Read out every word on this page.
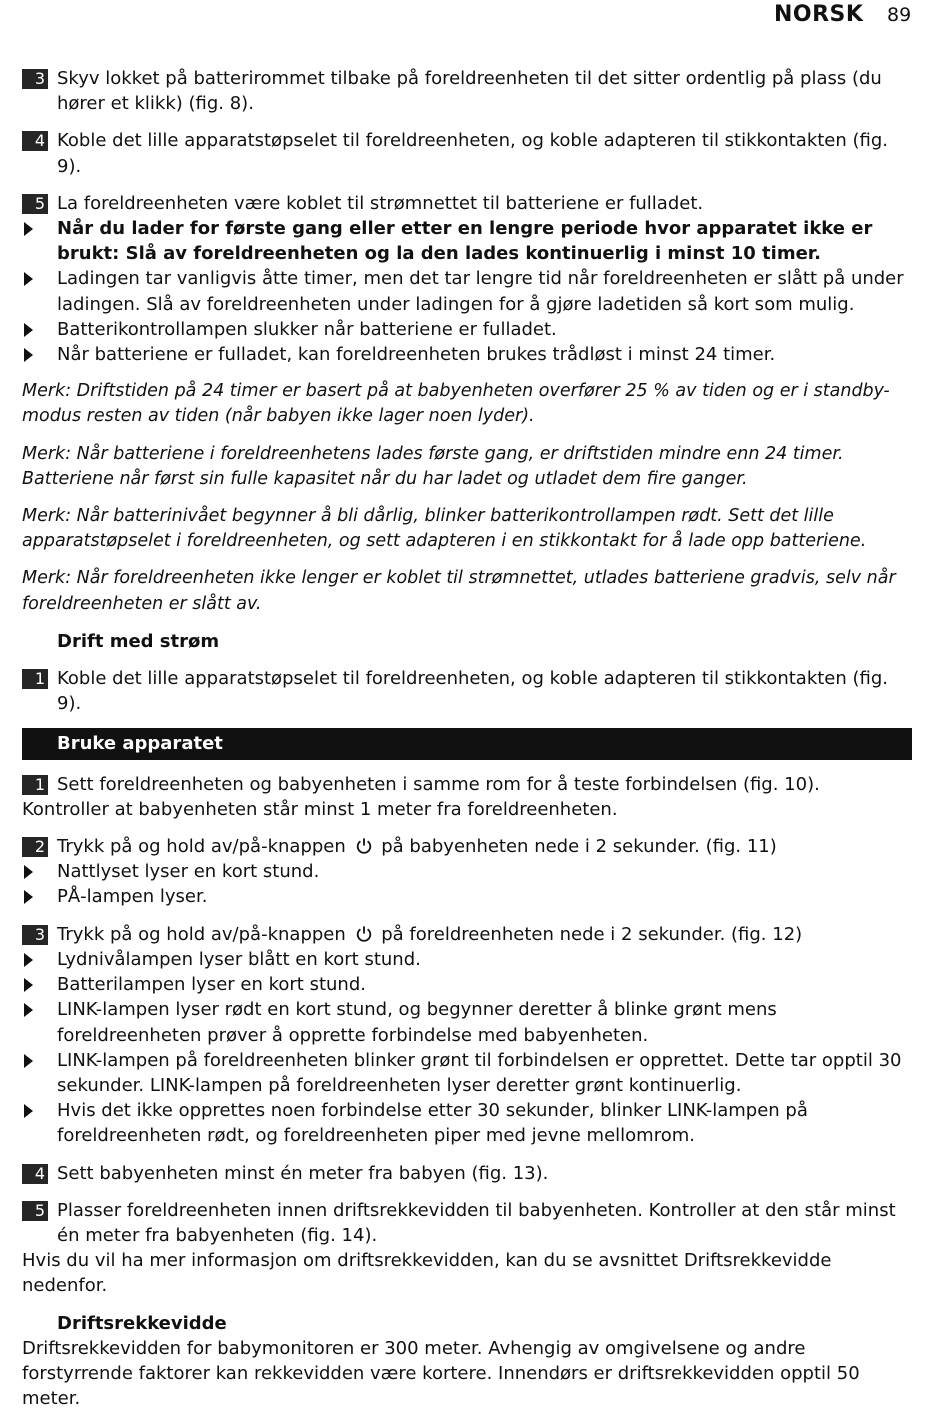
NORSK 89
3 Skyv lokket på batterirommet tilbake på foreldreenheten til det sitter ordentlig på plass (du hører et klikk) (fig. 8).
4 Koble det lille apparatstøpselet til foreldreenheten, og koble adapteren til stikkontakten (fig. 9).
5 La foreldreenheten være koblet til strømnettet til batteriene er fulladet.
Når du lader for første gang eller etter en lengre periode hvor apparatet ikke er brukt: Slå av foreldreenheten og la den lades kontinuerlig i minst 10 timer.
Ladingen tar vanligvis åtte timer, men det tar lengre tid når foreldreenheten er slått på under ladingen. Slå av foreldreenheten under ladingen for å gjøre ladetiden så kort som mulig.
Batterikontrollampen slukker når batteriene er fulladet.
Når batteriene er fulladet, kan foreldreenheten brukes trådløst i minst 24 timer.

Merk: Driftstiden på 24 timer er basert på at babyenheten overfører 25 % av tiden og er i standby-modus resten av tiden (når babyen ikke lager noen lyder).

Merk: Når batteriene i foreldreenhetens lades første gang, er driftstiden mindre enn 24 timer. Batteriene når først sin fulle kapasitet når du har ladet og utladet dem fire ganger.

Merk: Når batterinivået begynner å bli dårlig, blinker batterikontrollampen rødt. Sett det lille apparatstøpselet i foreldreenheten, og sett adapteren i en stikkontakt for å lade opp batteriene.

Merk: Når foreldreenheten ikke lenger er koblet til strømnettet, utlades batteriene gradvis, selv når foreldreenheten er slått av.

Drift med strøm
1 Koble det lille apparatstøpselet til foreldreenheten, og koble adapteren til stikkontakten (fig. 9).
Bruke apparatet
1 Sett foreldreenheten og babyenheten i samme rom for å teste forbindelsen (fig. 10).

Kontroller at babyenheten står minst 1 meter fra foreldreenheten.

2 Trykk på og hold av/på-knappen på babyenheten nede i 2 sekunder. (fig. 11)
Nattlyset lyser en kort stund.
PÅ-lampen lyser.
3 Trykk på og hold av/på-knappen på foreldreenheten nede i 2 sekunder. (fig. 12)
Lydnivålampen lyser blått en kort stund.
Batterilampen lyser en kort stund.
LINK-lampen lyser rødt en kort stund, og begynner deretter å blinke grønt mens foreldreenheten prøver å opprette forbindelse med babyenheten.
LINK-lampen på foreldreenheten blinker grønt til forbindelsen er opprettet. Dette tar opptil 30 sekunder. LINK-lampen på foreldreenheten lyser deretter grønt kontinuerlig.
Hvis det ikke opprettes noen forbindelse etter 30 sekunder, blinker LINK-lampen på foreldreenheten rødt, og foreldreenheten piper med jevne mellomrom.
4 Sett babyenheten minst én meter fra babyen (fig. 13).
5 Plasser foreldreenheten innen driftsrekkevidden til babyenheten. Kontroller at den står minst én meter fra babyenheten (fig. 14).

Hvis du vil ha mer informasjon om driftsrekkevidden, kan du se avsnittet Driftsrekkevidde nedenfor.

Driftsrekkevidde

Driftsrekkevidden for babymonitoren er 300 meter. Avhengig av omgivelsene og andre forstyrrende faktorer kan rekkevidden være kortere. Innendørs er driftsrekkevidden opptil 50 meter.
